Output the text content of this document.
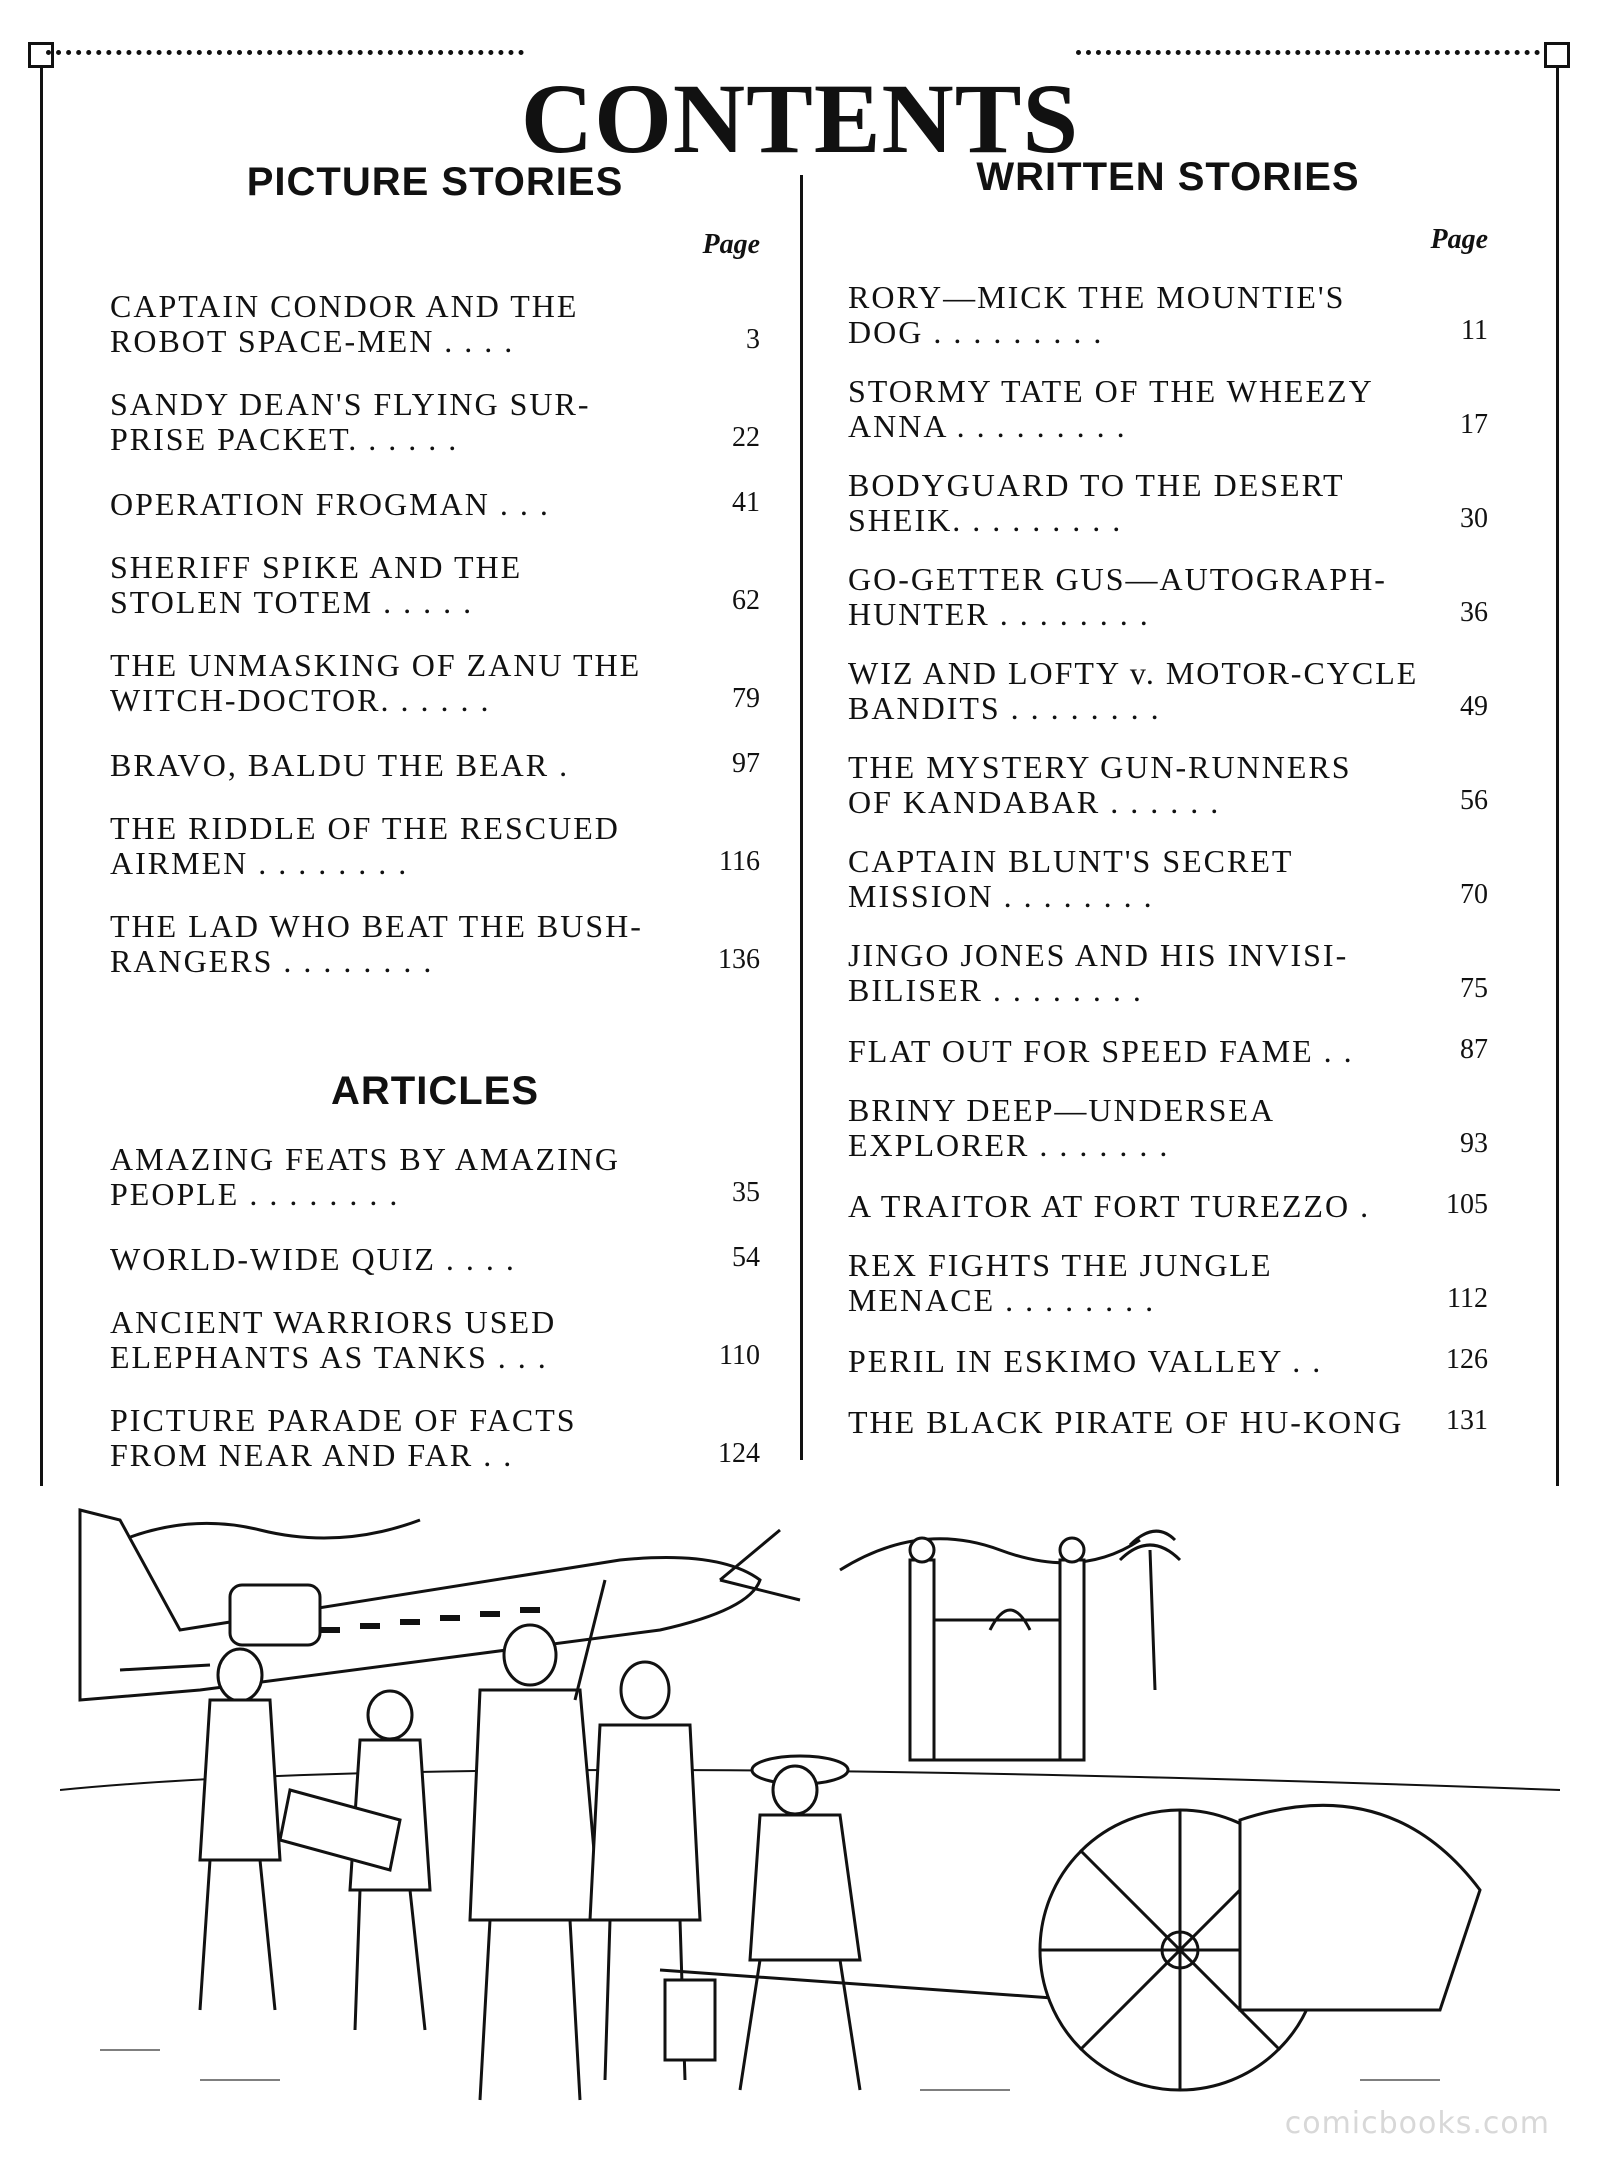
CONTENTS
PICTURE STORIES
Page
CAPTAIN CONDOR AND THE
ROBOT SPACE-MEN . . . .	3
SANDY DEAN'S FLYING SUR-
PRISE PACKET. . . . . .	22
OPERATION FROGMAN . . .	41
SHERIFF SPIKE AND THE
STOLEN TOTEM . . . . .	62
THE UNMASKING OF ZANU THE
WITCH-DOCTOR. . . . . .	79
BRAVO, BALDU THE BEAR .	97
THE RIDDLE OF THE RESCUED
AIRMEN . . . . . . . .	116
THE LAD WHO BEAT THE BUSH-
RANGERS . . . . . . . .	136
ARTICLES
AMAZING FEATS BY AMAZING
PEOPLE . . . . . . . .	35
WORLD-WIDE QUIZ . . . .	54
ANCIENT WARRIORS USED
ELEPHANTS AS TANKS . . .	110
PICTURE PARADE OF FACTS
FROM NEAR AND FAR . .	124
WRITTEN STORIES
Page
RORY—MICK THE MOUNTIE'S
DOG . . . . . . . . .	11
STORMY TATE OF THE WHEEZY
ANNA . . . . . . . . .	17
BODYGUARD TO THE DESERT
SHEIK. . . . . . . . .	30
GO-GETTER GUS—AUTOGRAPH-
HUNTER . . . . . . . .	36
WIZ AND LOFTY v. MOTOR-CYCLE
BANDITS . . . . . . . .	49
THE MYSTERY GUN-RUNNERS
OF KANDABAR . . . . . .	56
CAPTAIN BLUNT'S SECRET
MISSION . . . . . . . .	70
JINGO JONES AND HIS INVISI-
BILISER . . . . . . . .	75
FLAT OUT FOR SPEED FAME . .	87
BRINY DEEP—UNDERSEA
EXPLORER . . . . . . .	93
A TRAITOR AT FORT TUREZZO .	105
REX FIGHTS THE JUNGLE
MENACE . . . . . . . .	112
PERIL IN ESKIMO VALLEY . .	126
THE BLACK PIRATE OF HU-KONG	131
comicbooks.com
